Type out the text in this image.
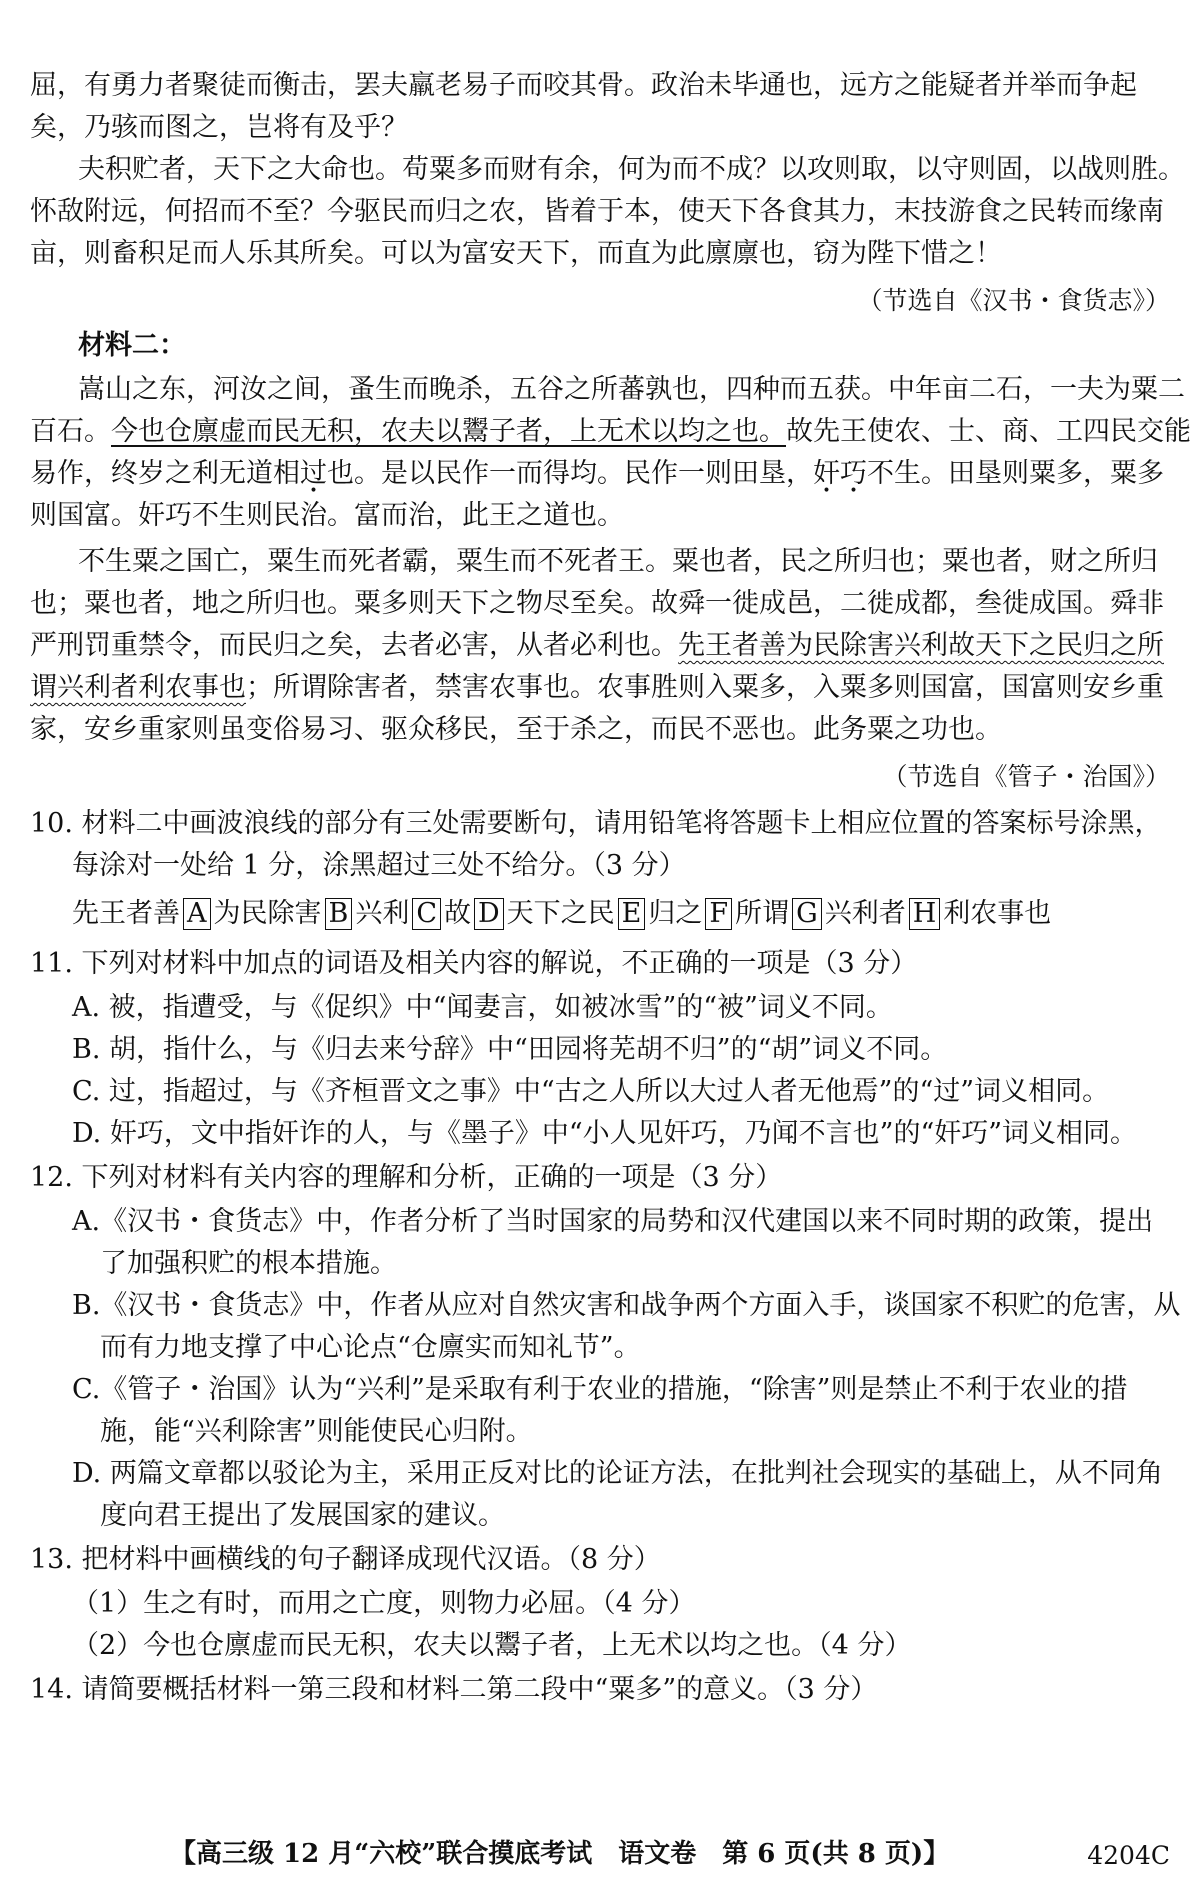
屈，有勇力者聚徒而衡击，罢夫羸老易子而咬其骨。政治未毕通也，远方之能疑者并举而争起
矣，乃骇而图之，岂将有及乎？
夫积贮者，天下之大命也。苟粟多而财有余，何为而不成？以攻则取，以守则固，以战则胜。
怀敌附远，何招而不至？今驱民而归之农，皆着于本，使天下各食其力，末技游食之民转而缘南
亩，则畜积足而人乐其所矣。可以为富安天下，而直为此廪廪也，窃为陛下惜之！
（节选自《汉书・食货志》）
材料二：
嵩山之东，河汝之间，蚤生而晚杀，五谷之所蕃孰也，四种而五获。中年亩二石，一夫为粟二
百石。今也仓廪虚而民无积，农夫以鬻子者，上无术以均之也。故先王使农、士、商、工四民交能
易作，终岁之利无道相过也。是以民作一而得均。民作一则田垦，奸巧不生。田垦则粟多，粟多
则国富。奸巧不生则民治。富而治，此王之道也。
不生粟之国亡，粟生而死者霸，粟生而不死者王。粟也者，民之所归也；粟也者，财之所归
也；粟也者，地之所归也。粟多则天下之物尽至矣。故舜一徙成邑，二徙成都，叁徙成国。舜非
严刑罚重禁令，而民归之矣，去者必害，从者必利也。先王者善为民除害兴利故天下之民归之所
谓兴利者利农事也；所谓除害者，禁害农事也。农事胜则入粟多，入粟多则国富，国富则安乡重
家，安乡重家则虽变俗易习、驱众移民，至于杀之，而民不恶也。此务粟之功也。
（节选自《管子・治国》）
10. 材料二中画波浪线的部分有三处需要断句，请用铅笔将答题卡上相应位置的答案标号涂黑，
每涂对一处给 1 分，涂黑超过三处不给分。（3 分）
先王者善 A 为民除害 B 兴利 C 故 D 天下之民 E 归之 F 所谓 G 兴利者 H 利农事也
11. 下列对材料中加点的词语及相关内容的解说，不正确的一项是（3 分）
A. 被，指遭受，与《促织》中“闻妻言，如被冰雪”的“被”词义不同。
B. 胡，指什么，与《归去来兮辞》中“田园将芜胡不归”的“胡”词义不同。
C. 过，指超过，与《齐桓晋文之事》中“古之人所以大过人者无他焉”的“过”词义相同。
D. 奸巧，文中指奸诈的人，与《墨子》中“小人见奸巧，乃闻不言也”的“奸巧”词义相同。
12. 下列对材料有关内容的理解和分析，正确的一项是（3 分）
A.《汉书・食货志》中，作者分析了当时国家的局势和汉代建国以来不同时期的政策，提出
了加强积贮的根本措施。
B.《汉书・食货志》中，作者从应对自然灾害和战争两个方面入手，谈国家不积贮的危害，从
而有力地支撑了中心论点“仓廪实而知礼节”。
C.《管子・治国》认为“兴利”是采取有利于农业的措施，“除害”则是禁止不利于农业的措
施，能“兴利除害”则能使民心归附。
D. 两篇文章都以驳论为主，采用正反对比的论证方法，在批判社会现实的基础上，从不同角
度向君王提出了发展国家的建议。
13. 把材料中画横线的句子翻译成现代汉语。（8 分）
（1）生之有时，而用之亡度，则物力必屈。（4 分）
（2）今也仓廪虚而民无积，农夫以鬻子者，上无术以均之也。（4 分）
14. 请简要概括材料一第三段和材料二第二段中“粟多”的意义。（3 分）
【高三级 12 月“六校”联合摸底考试　语文卷　第 6 页(共 8 页)】	4204C
